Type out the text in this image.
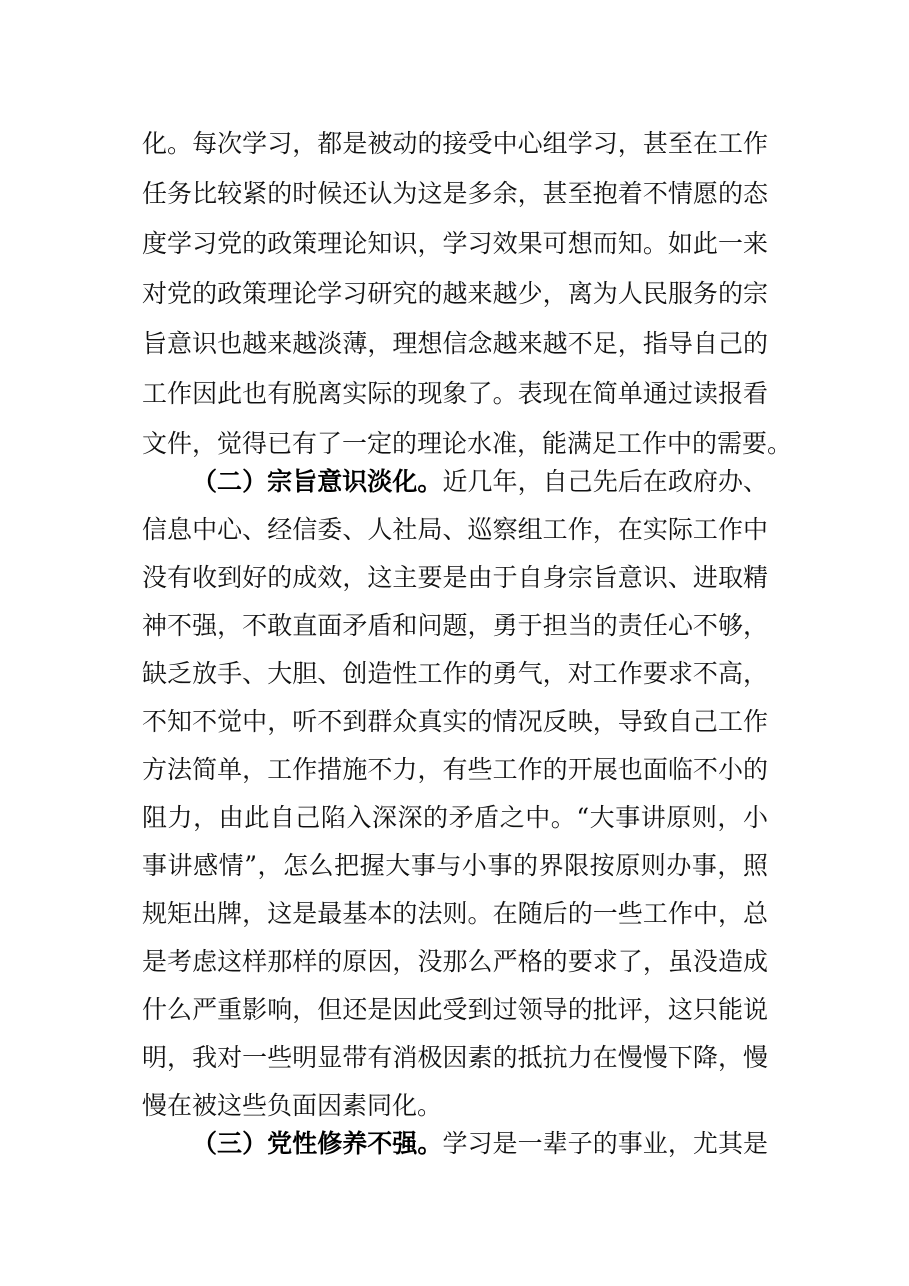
化。每次学习，都是被动的接受中心组学习，甚至在工作
任务比较紧的时候还认为这是多余，甚至抱着不情愿的态
度学习党的政策理论知识，学习效果可想而知。如此一来
对党的政策理论学习研究的越来越少，离为人民服务的宗
旨意识也越来越淡薄，理想信念越来越不足，指导自己的
工作因此也有脱离实际的现象了。表现在简单通过读报看
文件，觉得已有了一定的理论水准，能满足工作中的需要。
（二）宗旨意识淡化。近几年，自己先后在政府办、
信息中心、经信委、人社局、巡察组工作，在实际工作中
没有收到好的成效，这主要是由于自身宗旨意识、进取精
神不强，不敢直面矛盾和问题，勇于担当的责任心不够，
缺乏放手、大胆、创造性工作的勇气，对工作要求不高，
不知不觉中，听不到群众真实的情况反映，导致自己工作
方法简单，工作措施不力，有些工作的开展也面临不小的
阻力，由此自己陷入深深的矛盾之中。“大事讲原则，小
事讲感情”，怎么把握大事与小事的界限按原则办事，照
规矩出牌，这是最基本的法则。在随后的一些工作中，总
是考虑这样那样的原因，没那么严格的要求了，虽没造成
什么严重影响，但还是因此受到过领导的批评，这只能说
明，我对一些明显带有消极因素的抵抗力在慢慢下降，慢
慢在被这些负面因素同化。
（三）党性修养不强。学习是一辈子的事业，尤其是
